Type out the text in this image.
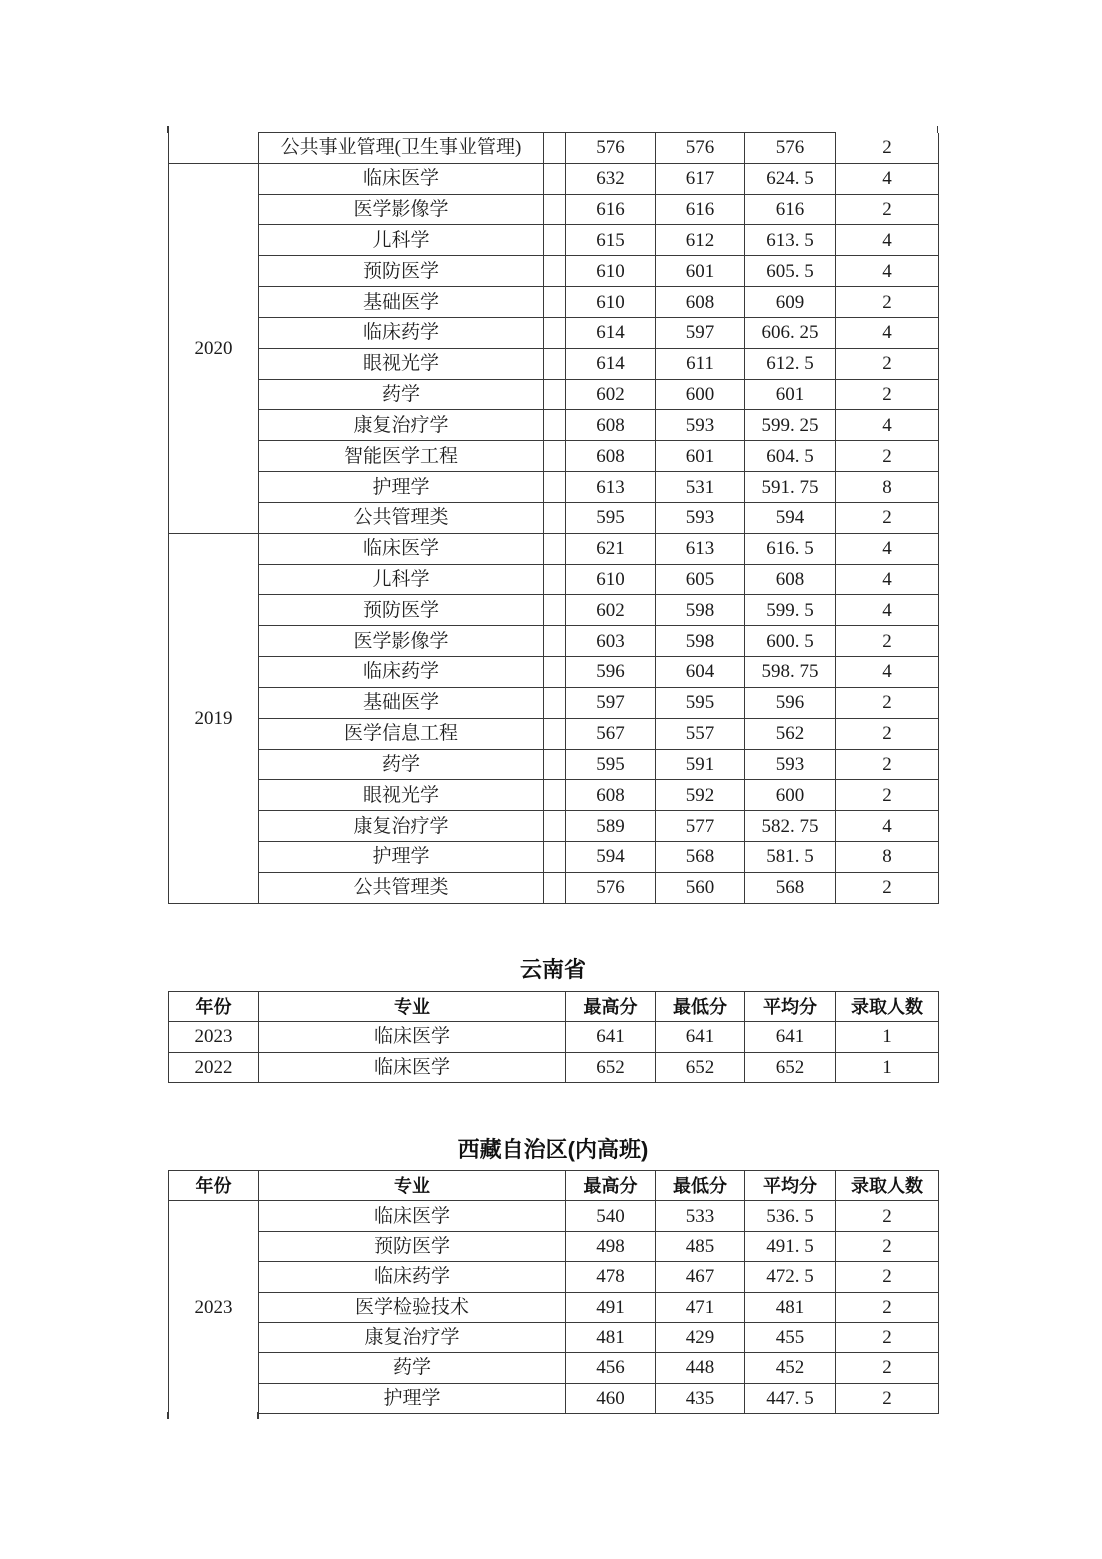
	公共事业管理(卫生事业管理)		576	576	576	2
2020	临床医学		632	617	624. 5	4
	医学影像学		616	616	616	2
	儿科学		615	612	613. 5	4
	预防医学		610	601	605. 5	4
	基础医学		610	608	609	2
	临床药学		614	597	606. 25	4
	眼视光学		614	611	612. 5	2
	药学		602	600	601	2
	康复治疗学		608	593	599. 25	4
	智能医学工程		608	601	604. 5	2
	护理学		613	531	591. 75	8
	公共管理类		595	593	594	2
2019	临床医学		621	613	616. 5	4
	儿科学		610	605	608	4
	预防医学		602	598	599. 5	4
	医学影像学		603	598	600. 5	2
	临床药学		596	604	598. 75	4
	基础医学		597	595	596	2
	医学信息工程		567	557	562	2
	药学		595	591	593	2
	眼视光学		608	592	600	2
	康复治疗学		589	577	582. 75	4
	护理学		594	568	581. 5	8
	公共管理类		576	560	568	2
云南省
年份	专业	最高分	最低分	平均分	录取人数
2023	临床医学	641	641	641	1
2022	临床医学	652	652	652	1
西藏自治区(内高班)
年份	专业	最高分	最低分	平均分	录取人数
2023	临床医学	540	533	536. 5	2
	预防医学	498	485	491. 5	2
	临床药学	478	467	472. 5	2
	医学检验技术	491	471	481	2
	康复治疗学	481	429	455	2
	药学	456	448	452	2
	护理学	460	435	447. 5	2
